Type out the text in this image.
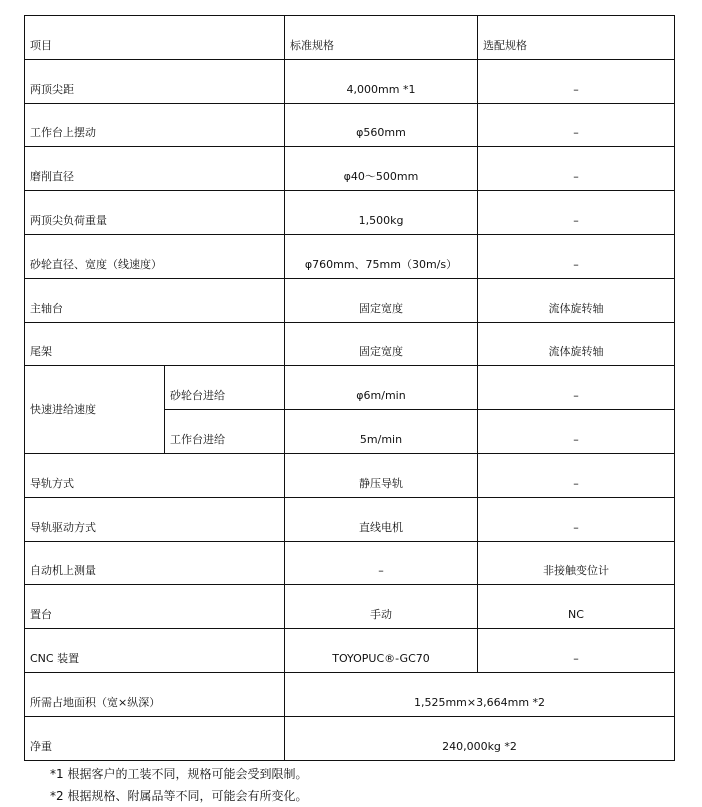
项目		标准规格	选配规格
两顶尖距		4,000mm *1	–
工作台上摆动		φ560mm	–
磨削直径		φ40～500mm	–
两顶尖负荷重量		1,500kg	–
砂轮直径、宽度（线速度）		φ760mm、75mm（30m/s）	–
主轴台		固定宽度	流体旋转轴
尾架		固定宽度	流体旋转轴
快速进给速度	砂轮台进给	φ6m/min	–
	工作台进给	5m/min	–
导轨方式		静压导轨	–
导轨驱动方式		直线电机	–
自动机上测量		–	非接触变位计
置台		手动	NC
CNC 装置		TOYOPUC®-GC70	–
所需占地面积（宽×纵深）		1,525mm×3,664mm *2	
净重		240,000kg *2	
*1 根据客户的工装不同，规格可能会受到限制。
*2 根据规格、附属品等不同，可能会有所变化。
